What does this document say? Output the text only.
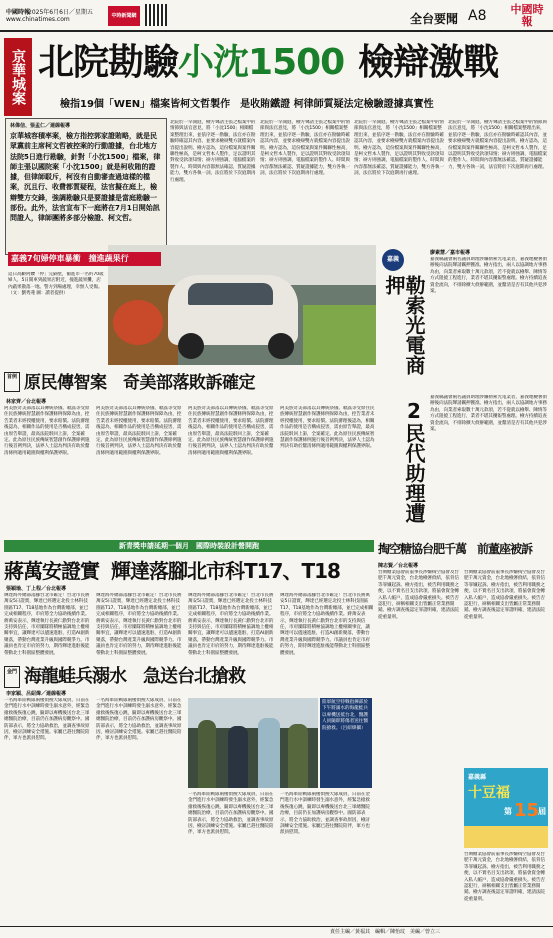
中國時報
2025年6月6日／星期五
www.chinatimes.com	中時新聞網	全台要聞 A8 中國時報
京華城案 北院勘驗小沈1500 檢辯激戰
檢指19個「WEN」檔案皆柯文哲製作　是收賄鐵證 柯律師質疑法定檢驗證據真實性
林偉信、張孟仁／連線報導
京華城容積率案，檢方指控郭家證賄略，就是民眾黨前主席柯文哲被控案的行動證據，台北地方法院5日進行勘驗，針對「小沈1500」檔案，律師主張以國院案「小沈1500」就是柯收賄的證據，但律師駁斥，柯沒有自動審查過這樣的檔案，沉且行、收費都質疑程，法官擬在庭上，檢辯雙方交鋒，強調勘驗只是要證據是當庭勘驗一部份。此外，法官宣布下一庭將在7月1日開始訊問證人，律師團將多部分檢證、柯文哲。
北院於一早開庭，檢方聲請主張之檔案中的情節與法官意見，將「小沈1500」相關檔案整理出來，並依序逐一勘驗，法官亦在勘驗時確認其內容，並要求檢辯雙方就檔案內容提出說明。檢方認為，這份檔案與案件關聯性極高，是柯文哲本人製作，足以證明其對收受款項知情；辯方則強調，電腦檔案的製作人、時間與內容都無法確認，質疑證據能力，雙方各執一詞，法官將於下次庭期再行處理。
北院於一早開庭，檢方聲請主張之檔案中的情節與法官意見，將「小沈1500」相關檔案整理出來，並依序逐一勘驗，法官亦在勘驗時確認其內容，並要求檢辯雙方就檔案內容提出說明。檢方認為，這份檔案與案件關聯性極高，是柯文哲本人製作，足以證明其對收受款項知情；辯方則強調，電腦檔案的製作人、時間與內容都無法確認，質疑證據能力，雙方各執一詞，法官將於下次庭期再行處理。
北院於一早開庭，檢方聲請主張之檔案中的情節與法官意見，將「小沈1500」相關檔案整理出來，並依序逐一勘驗，法官亦在勘驗時確認其內容，並要求檢辯雙方就檔案內容提出說明。檢方認為，這份檔案與案件關聯性極高，是柯文哲本人製作，足以證明其對收受款項知情；辯方則強調，電腦檔案的製作人、時間與內容都無法確認，質疑證據能力，雙方各執一詞，法官將於下次庭期再行處理。
北院於一早開庭，檢方聲請主張之檔案中的情節與法官意見，將「小沈1500」相關檔案整理出來，並依序逐一勘驗，法官亦在勘驗時確認其內容，並要求檢辯雙方就檔案內容提出說明。檢方認為，這份檔案與案件關聯性極高，是柯文哲本人製作，足以證明其對收受款項知情；辯方則強調，電腦檔案的製作人、時間與內容都無法確認，質疑證據能力，雙方各執一詞，法官將於下次庭期再行處理。
嘉義7旬婦停車暴衝　撞進蔬果行
這日高齡阿嬤「停」完隔壁，衝進市一名約70歲婦人，5日開車到蔬果店附近，撞進蔬果攤，店內蔬果散落一地。警方到場處理，幸無人受傷。（文：劉秀蓮 圖：讀者提供）
嘉義
勒索光電商 2民代助理遭押
廖素慧／嘉市報導
嘉義縣議會兩名議員助理涉嫌勒索光電業者，嘉義地檢署偵辦後向法院聲請羈押獲准。檢方指出，兩人以協調地方事務為由，向業者索取數十萬元款項，若不從就以檢舉、陳情等方式阻撓工程進行，業者不堪其擾報警處理。檢方持續追查資金流向，不排除擴大偵辦範圍，並釐清是否有其他共犯涉案。
嘉義縣議會兩名議員助理涉嫌勒索光電業者，嘉義地檢署偵辦後向法院聲請羈押獲准。檢方指出，兩人以協調地方事務為由，向業者索取數十萬元款項，若不從就以檢舉、陳情等方式阻撓工程進行，業者不堪其擾報警處理。檢方持續追查資金流向，不排除擴大偵辦範圍，並釐清是否有其他共犯涉案。
首例 原民傳智案　奇美部落敗訴確定
林家齊／台北報導
阿美族奇美部落以其傳統祭儀、歌謠等受原住民族傳統智慧創作保護條例保障為由，控告業者未經授權使用，要求賠償。法院審理後認為，相關作品的使用是否構成侵害，需由原告舉證，最高法院駁回上訴，全案確定。此為原住民族傳統智慧創作保護條例施行後首例判決，法界人士認為判決有助於釐清條例適用範圍與權利保護界限。
阿美族奇美部落以其傳統祭儀、歌謠等受原住民族傳統智慧創作保護條例保障為由，控告業者未經授權使用，要求賠償。法院審理後認為，相關作品的使用是否構成侵害，需由原告舉證，最高法院駁回上訴，全案確定。此為原住民族傳統智慧創作保護條例施行後首例判決，法界人士認為判決有助於釐清條例適用範圍與權利保護界限。
阿美族奇美部落以其傳統祭儀、歌謠等受原住民族傳統智慧創作保護條例保障為由，控告業者未經授權使用，要求賠償。法院審理後認為，相關作品的使用是否構成侵害，需由原告舉證，最高法院駁回上訴，全案確定。此為原住民族傳統智慧創作保護條例施行後首例判決，法界人士認為判決有助於釐清條例適用範圍與權利保護界限。
阿美族奇美部落以其傳統祭儀、歌謠等受原住民族傳統智慧創作保護條例保障為由，控告業者未經授權使用，要求賠償。法院審理後認為，相關作品的使用是否構成侵害，需由原告舉證，最高法院駁回上訴，全案確定。此為原住民族傳統智慧創作保護條例施行後首例判決，法界人士認為判決有助於釐清條例適用範圍與權利保護界限。
新青獎申請延期一個月　國際時裝設計營開跑
蔣萬安證實 輝達落腳北市科T17、T18
張穎瑜、丁上程／台北報導
輝達海外總部落腳台北市確定！台北市長蔣萬安5日證實，輝達已經選定北投士林科技園區T17、T18基地作為台灣新總部，並已完成相關程序，市府將全力協助後續作業。蔣萬安表示，輝達執行長黃仁勳對台北市的支持與信任，市府團隊將積極協調地上權相關事宜，讓輝達可以儘速進駐，打造AI創新聚落，帶動台灣產業升級與國際競爭力。市議員也肯定市府的努力，期待輝達進駐後能帶動北士科園區整體發展。
輝達海外總部落腳台北市確定！台北市長蔣萬安5日證實，輝達已經選定北投士林科技園區T17、T18基地作為台灣新總部，並已完成相關程序，市府將全力協助後續作業。蔣萬安表示，輝達執行長黃仁勳對台北市的支持與信任，市府團隊將積極協調地上權相關事宜，讓輝達可以儘速進駐，打造AI創新聚落，帶動台灣產業升級與國際競爭力。市議員也肯定市府的努力，期待輝達進駐後能帶動北士科園區整體發展。
輝達海外總部落腳台北市確定！台北市長蔣萬安5日證實，輝達已經選定北投士林科技園區T17、T18基地作為台灣新總部，並已完成相關程序，市府將全力協助後續作業。蔣萬安表示，輝達執行長黃仁勳對台北市的支持與信任，市府團隊將積極協調地上權相關事宜，讓輝達可以儘速進駐，打造AI創新聚落，帶動台灣產業升級與國際競爭力。市議員也肯定市府的努力，期待輝達進駐後能帶動北士科園區整體發展。
輝達海外總部落腳台北市確定！台北市長蔣萬安5日證實，輝達已經選定北投士林科技園區T17、T18基地作為台灣新總部，並已完成相關程序，市府將全力協助後續作業。蔣萬安表示，輝達執行長黃仁勳對台北市的支持與信任，市府團隊將積極協調地上權相關事宜，讓輝達可以儘速進駐，打造AI創新聚落，帶動台灣產業升級與國際競爭力。市議員也肯定市府的努力，期待輝達進駐後能帶動北士科園區整體發展。
金門 海龍蛙兵溺水　急送台北搶救
李家穎、呂紹煒／連線報導
一名海軍陸戰隊兩棲偵搜大隊成員，日前在金門進行水中訓練時發生溺水意外，經緊急搶救後恢復心跳，隨即以專機後送台北三軍總醫院治療，目前仍在加護病房觀察中。國防部表示，將全力協助救治，並調查事故原因，檢討訓練安全措施。家屬已趕往醫院陪伴，軍方也派員慰問。
一名海軍陸戰隊兩棲偵搜大隊成員，日前在金門進行水中訓練時發生溺水意外，經緊急搶救後恢復心跳，隨即以專機後送台北三軍總醫院治療，目前仍在加護病房觀察中。國防部表示，將全力協助救治，並調查事故原因，檢討訓練安全措施。家屬已趕往醫院陪伴，軍方也派員慰問。
一名海軍陸戰隊兩棲偵搜大隊成員，日前在金門進行水中訓練時發生溺水意外，經緊急搶救後恢復心跳，隨即以專機後送台北三軍總醫院治療，目前仍在加護病房觀察中。國防部表示，將全力協助救治，並調查事故原因，檢討訓練安全措施。家屬已趕往醫院陪伴，軍方也派員慰問。
一名海軍陸戰隊兩棲偵搜大隊成員，日前在金門進行水中訓練時發生溺水意外，經緊急搶救後恢復心跳，隨即以專機後送台北三軍總醫院治療，目前仍在加護病房觀察中。國防部表示，將全力協助救治，並調查事故原因，檢討訓練安全措施。家屬已趕往醫院陪伴，軍方也派員慰問。
陸軍航空特戰指揮部於下午將溺水的海龍蛙兵以專機送抵台北，醫護人員隨即將傷者送往醫院搶救。（呂紹煒攝）
掏空糖協台肥千萬　前董座被訴
陳志賢／台北報導
台灣糖業協會前董事長涉嫌掏空協會及台肥千萬元資金，台北地檢署偵結，依背信等罪嫌起訴。檢方指出，被告利用職務之便，以不實名目支出款項，將協會資金轉入私人帳戶，造成協會嚴重損失。被告否認犯行，辯稱相關支出皆屬正常業務開銷。檢方調查後認定罪證明確，建請法院從重量刑。
台灣糖業協會前董事長涉嫌掏空協會及台肥千萬元資金，台北地檢署偵結，依背信等罪嫌起訴。檢方指出，被告利用職務之便，以不實名目支出款項，將協會資金轉入私人帳戶，造成協會嚴重損失。被告否認犯行，辯稱相關支出皆屬正常業務開銷。檢方調查後認定罪證明確，建請法院從重量刑。
嘉義縣
十豆福
第 15
屆
台灣糖業協會前董事長涉嫌掏空協會及台肥千萬元資金，台北地檢署偵結，依背信等罪嫌起訴。檢方指出，被告利用職務之便，以不實名目支出款項，將協會資金轉入私人帳戶，造成協會嚴重損失。被告否認犯行，辯稱相關支出皆屬正常業務開銷。檢方調查後認定罪證明確，建請法院從重量刑。
責任主編／黃福其　編輯／陳怡玟　美編／曾立三
